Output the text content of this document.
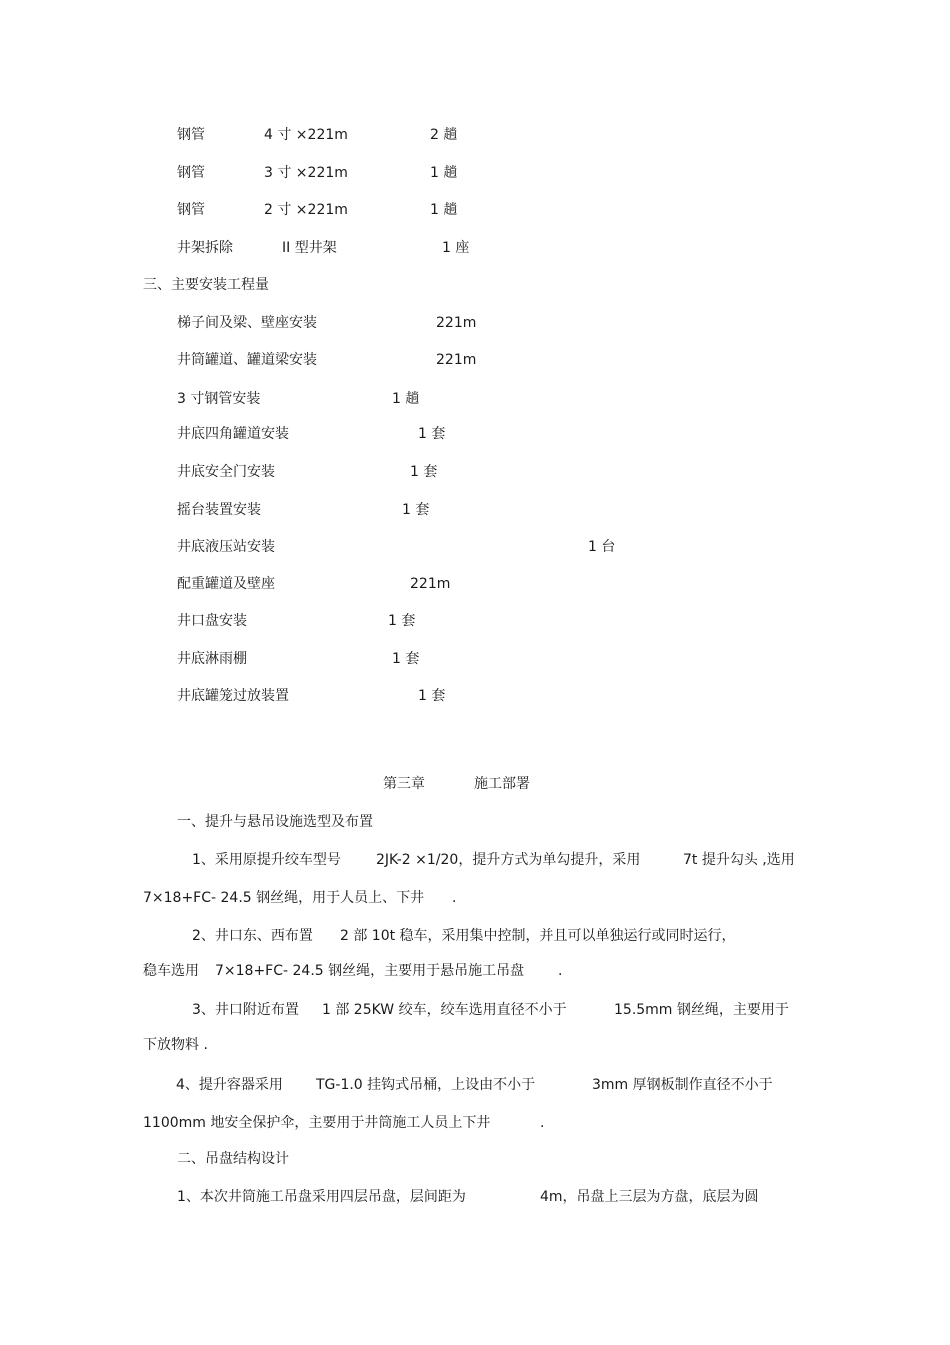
钢管	4 寸 ×221m	2 趟
钢管	3 寸 ×221m	1 趟
钢管	2 寸 ×221m	1 趟
井架拆除	II 型井架	1 座
三、主要安装工程量
梯子间及梁、壁座安装	221m
井筒罐道、罐道梁安装	221m
3 寸钢管安装	1 趟
井底四角罐道安装	1 套
井底安全门安装	1 套
摇台装置安装	1 套
井底液压站安装	1 台
配重罐道及壁座	221m
井口盘安装	1 套
井底淋雨棚	1 套
井底罐笼过放装置	1 套
第三章	施工部署
一、提升与悬吊设施选型及布置
1、采用原提升绞车型号	2JK-2 ×1/20，提升方式为单勾提升，采用	7t 提升勾头 ,选用
7×18+FC- 24.5 钢丝绳，用于人员上、下井 .
2、井口东、西布置 2 部 10t 稳车，采用集中控制，并且可以单独运行或同时运行，
稳车选用 7×18+FC- 24.5 钢丝绳，主要用于悬吊施工吊盘 .
3、井口附近布置 1 部 25KW 绞车，绞车选用直径不小于	15.5mm 钢丝绳，主要用于
下放物料 .
4、提升容器采用 TG-1.0 挂钩式吊桶，上设由不小于	3mm 厚钢板制作直径不小于
1100mm 地安全保护伞，主要用于井筒施工人员上下井	.
二、吊盘结构设计
1、本次井筒施工吊盘采用四层吊盘，层间距为	4m，吊盘上三层为方盘，底层为圆
